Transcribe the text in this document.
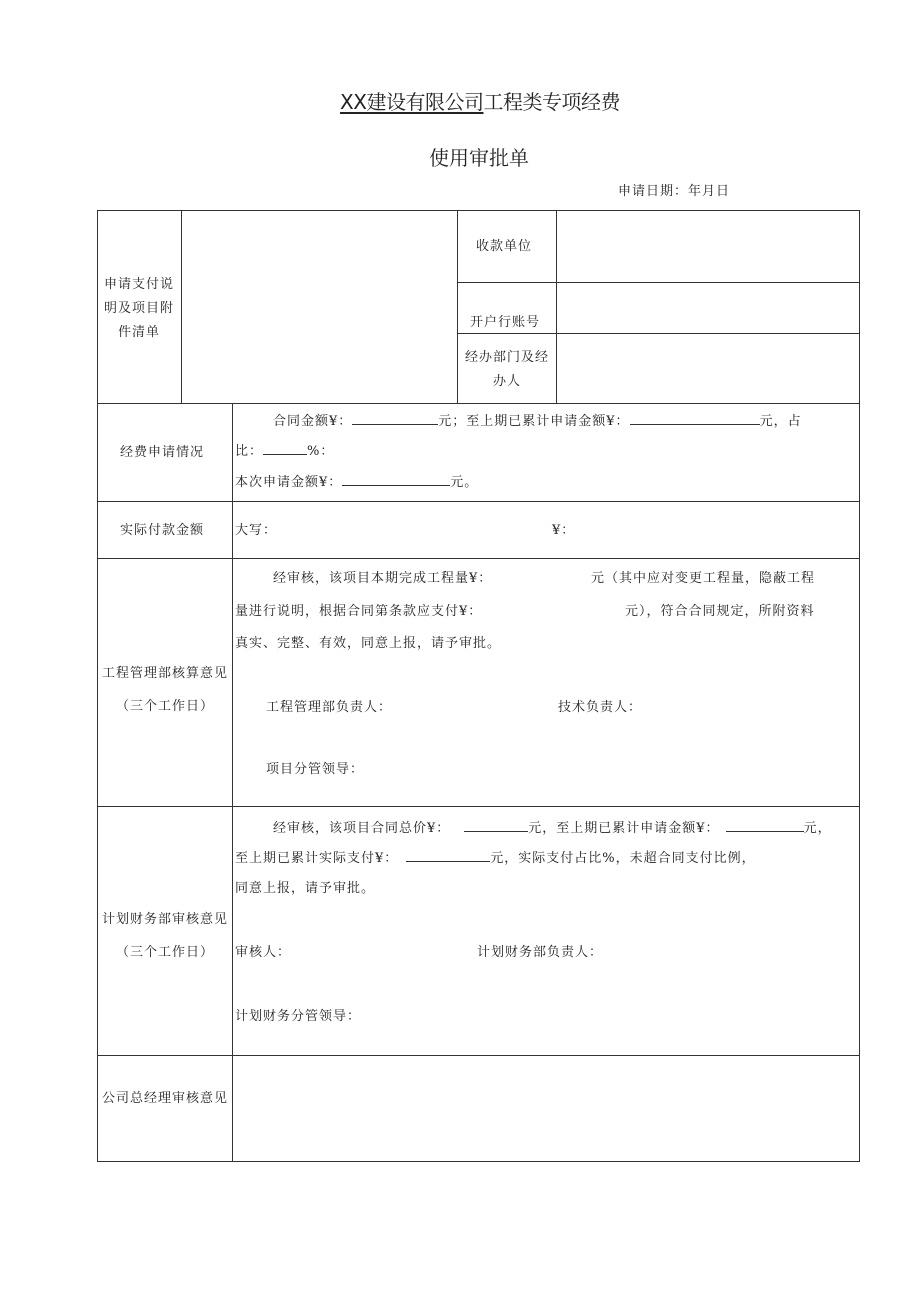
XX建设有限公司工程类专项经费
使用审批单
申请日期：年月日
申请支付说明及项目附件清单
收款单位
开户行账号
经办部门及经办人
经费申请情况
合同金额¥：	元；至上期已累计申请金额¥：	元，占
比：	%：
本次申请金额¥：	元。
实际付款金额 大写：	¥：
工程管理部核算意见（三个工作日）
经审核，该项目本期完成工程量¥：	元（其中应对变更工程量，隐蔽工程
量进行说明，根据合同第条款应支付¥：	元），符合合同规定，所附资料
真实、完整、有效，同意上报，请予审批。
工程管理部负责人：	技术负责人：
项目分管领导：
计划财务部审核意见（三个工作日）
经审核，该项目合同总价¥：	元，至上期已累计申请金额¥：	元，
至上期已累计实际支付¥：	元，实际支付占比%，未超合同支付比例，
同意上报，请予审批。
审核人：	计划财务部负责人：
计划财务分管领导：
公司总经理审核意见
